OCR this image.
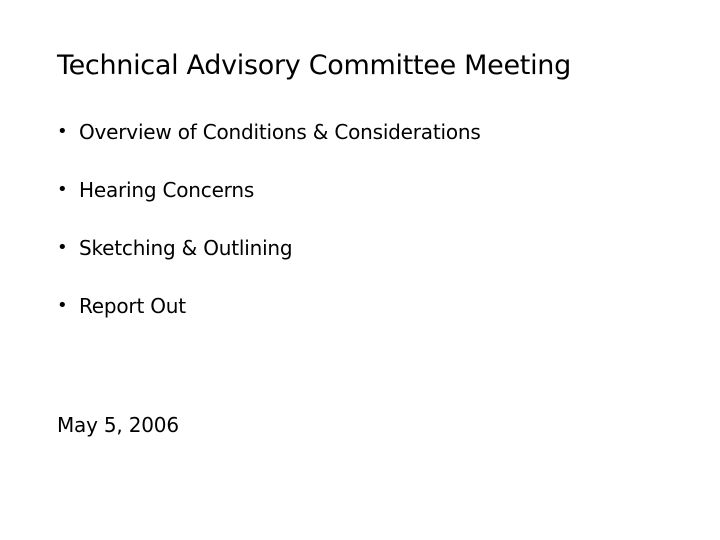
Technical Advisory Committee Meeting
• Overview of Conditions & Considerations
• Hearing Concerns
• Sketching & Outlining
• Report Out
May 5, 2006
